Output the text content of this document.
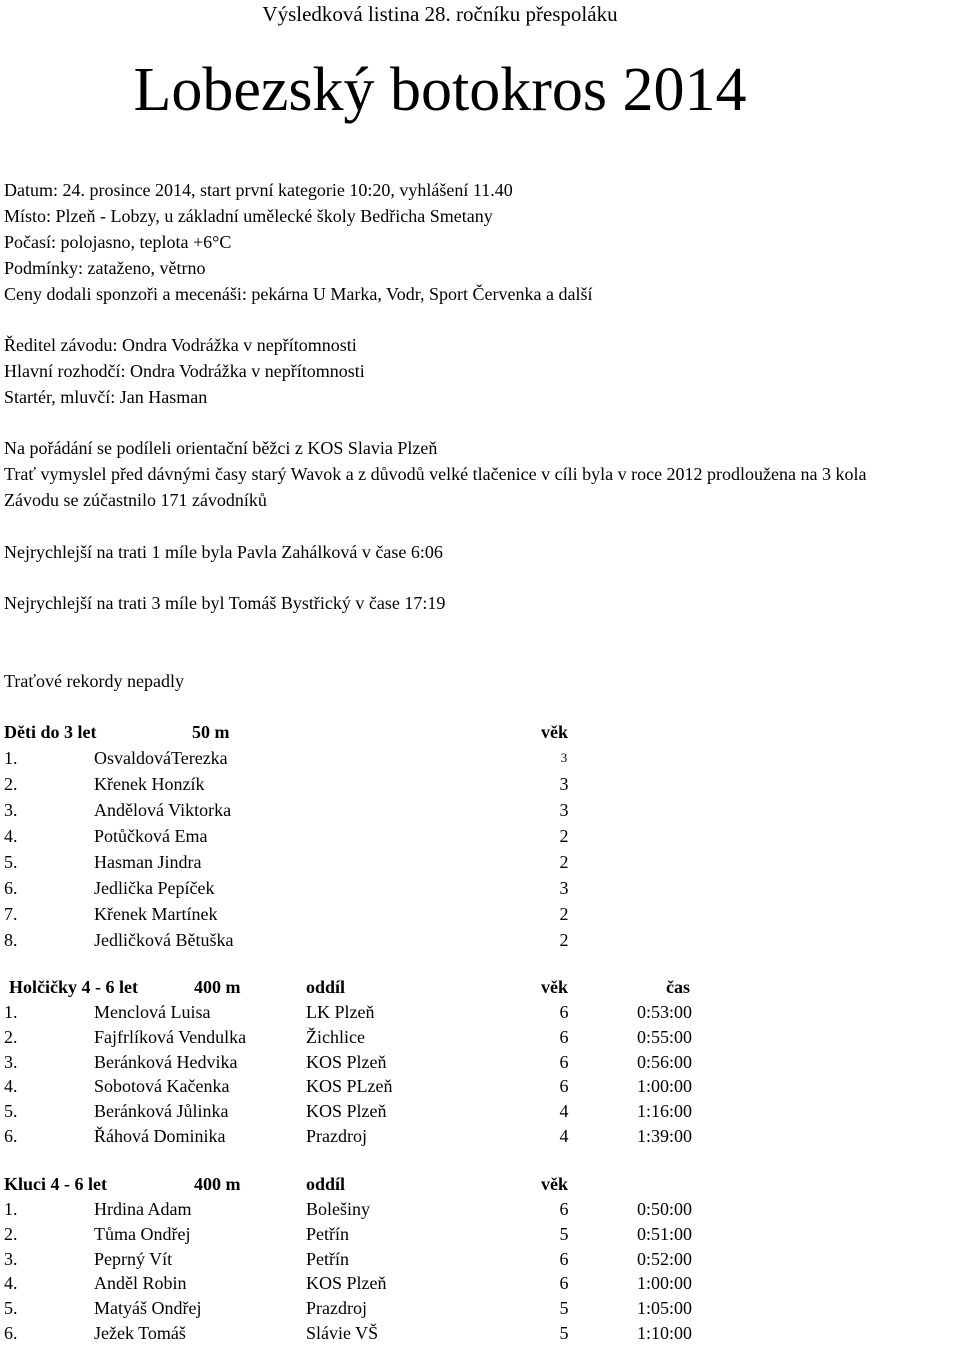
Výsledková listina 28. ročníku přespoláku
Lobezský botokros 2014
Datum: 24. prosince 2014, start první kategorie 10:20, vyhlášení 11.40
Místo: Plzeň - Lobzy, u základní umělecké školy Bedřicha Smetany
Počasí: polojasno, teplota +6°C
Podmínky: zataženo, větrno
Ceny dodali sponzoři a mecenáši: pekárna U Marka, Vodr, Sport Červenka a další
Ředitel závodu: Ondra Vodrážka v nepřítomnosti
Hlavní rozhodčí: Ondra Vodrážka v nepřítomnosti
Startér, mluvčí: Jan Hasman
Na pořádání se podíleli orientační běžci z KOS Slavia Plzeň
Trať vymyslel před dávnými časy starý Wavok a z důvodů velké tlačenice v cíli byla v roce 2012 prodloužena na 3 kola
Závodu se zúčastnilo 171 závodníků
Nejrychlejší na trati 1 míle byla Pavla Zahálková v čase 6:06
Nejrychlejší na trati 3 míle byl Tomáš Bystřický v čase 17:19
Traťové rekordy nepadly
Děti do 3 let	50 m	věk
1.	OsvaldováTerezka	3
2.	Křenek Honzík	3
3.	Andělová Viktorka	3
4.	Potůčková Ema	2
5.	Hasman Jindra	2
6.	Jedlička Pepíček	3
7.	Křenek Martínek	2
8.	Jedličková Bětuška	2
Holčičky 4 - 6 let	400 m	oddíl	věk	čas
1.	Menclová Luisa	LK Plzeň	6	0:53:00
2.	Fajfrlíková Vendulka	Žichlice	6	0:55:00
3.	Beránková Hedvika	KOS Plzeň	6	0:56:00
4.	Sobotová Kačenka	KOS PLzeň	6	1:00:00
5.	Beránková Jůlinka	KOS Plzeň	4	1:16:00
6.	Řáhová Dominika	Prazdroj	4	1:39:00
Kluci 4 - 6 let	400 m	oddíl	věk
1.	Hrdina Adam	Bolešiny	6	0:50:00
2.	Tůma Ondřej	Petřín	5	0:51:00
3.	Peprný Vít	Petřín	6	0:52:00
4.	Anděl Robin	KOS Plzeň	6	1:00:00
5.	Matyáš Ondřej	Prazdroj	5	1:05:00
6.	Ježek Tomáš	Slávie VŠ	5	1:10:00
